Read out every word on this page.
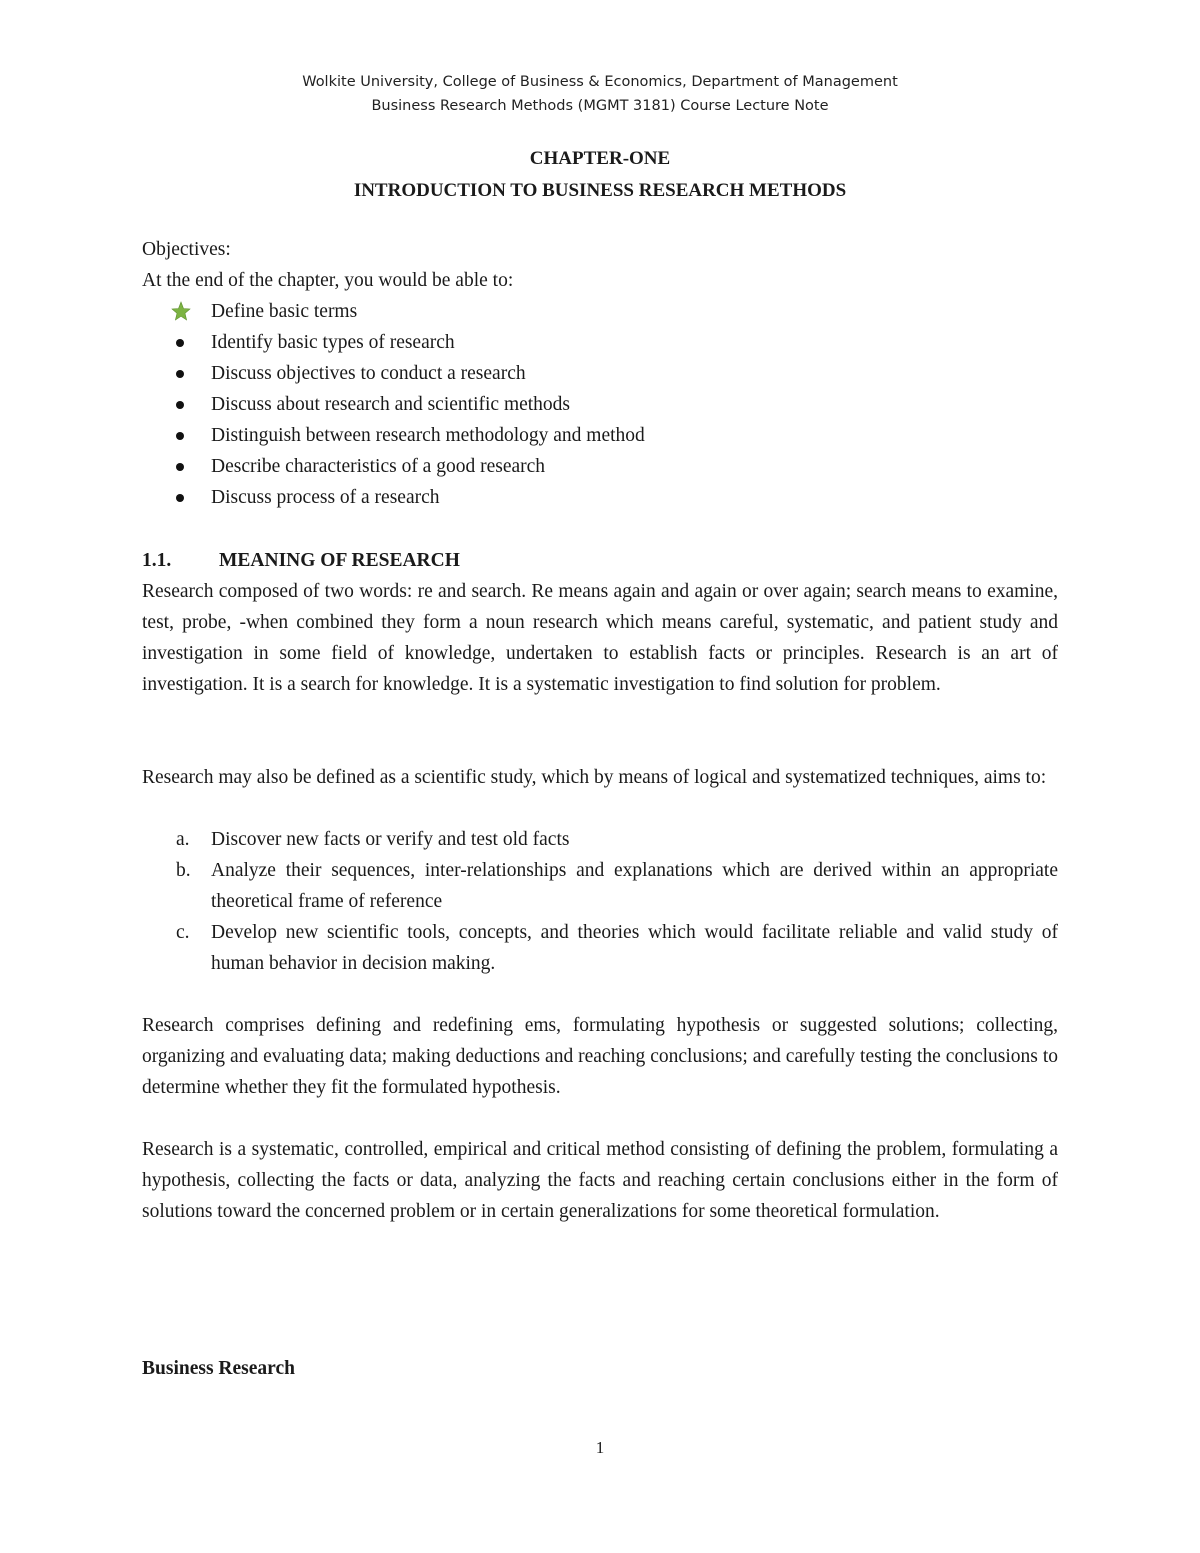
Wolkite University, College of Business & Economics, Department of Management
Business Research Methods (MGMT 3181) Course Lecture Note
CHAPTER-ONE
INTRODUCTION TO BUSINESS RESEARCH METHODS
Objectives:
At the end of the chapter, you would be able to:
Define basic terms
Identify basic types of research
Discuss objectives to conduct a research
Discuss about research and scientific methods
Distinguish between research methodology and method
Describe characteristics of a good research
Discuss process of a research
1.1. MEANING OF RESEARCH

Research composed of two words: re and search. Re means again and again or over again; search means to examine, test, probe, -when combined they form a noun research which means careful, systematic, and patient study and investigation in some field of knowledge, undertaken to establish facts or principles. Research is an art of investigation. It is a search for knowledge. It is a systematic investigation to find solution for problem.

Research may also be defined as a scientific study, which by means of logical and systematized techniques, aims to:

a. Discover new facts or verify and test old facts
b. Analyze their sequences, inter-relationships and explanations which are derived within an appropriate theoretical frame of reference
c. Develop new scientific tools, concepts, and theories which would facilitate reliable and valid study of human behavior in decision making.

Research comprises defining and redefining ems, formulating hypothesis or suggested solutions; collecting, organizing and evaluating data; making deductions and reaching conclusions; and carefully testing the conclusions to determine whether they fit the formulated hypothesis.

Research is a systematic, controlled, empirical and critical method consisting of defining the problem, formulating a hypothesis, collecting the facts or data, analyzing the facts and reaching certain conclusions either in the form of solutions toward the concerned problem or in certain generalizations for some theoretical formulation.

Business Research
1
